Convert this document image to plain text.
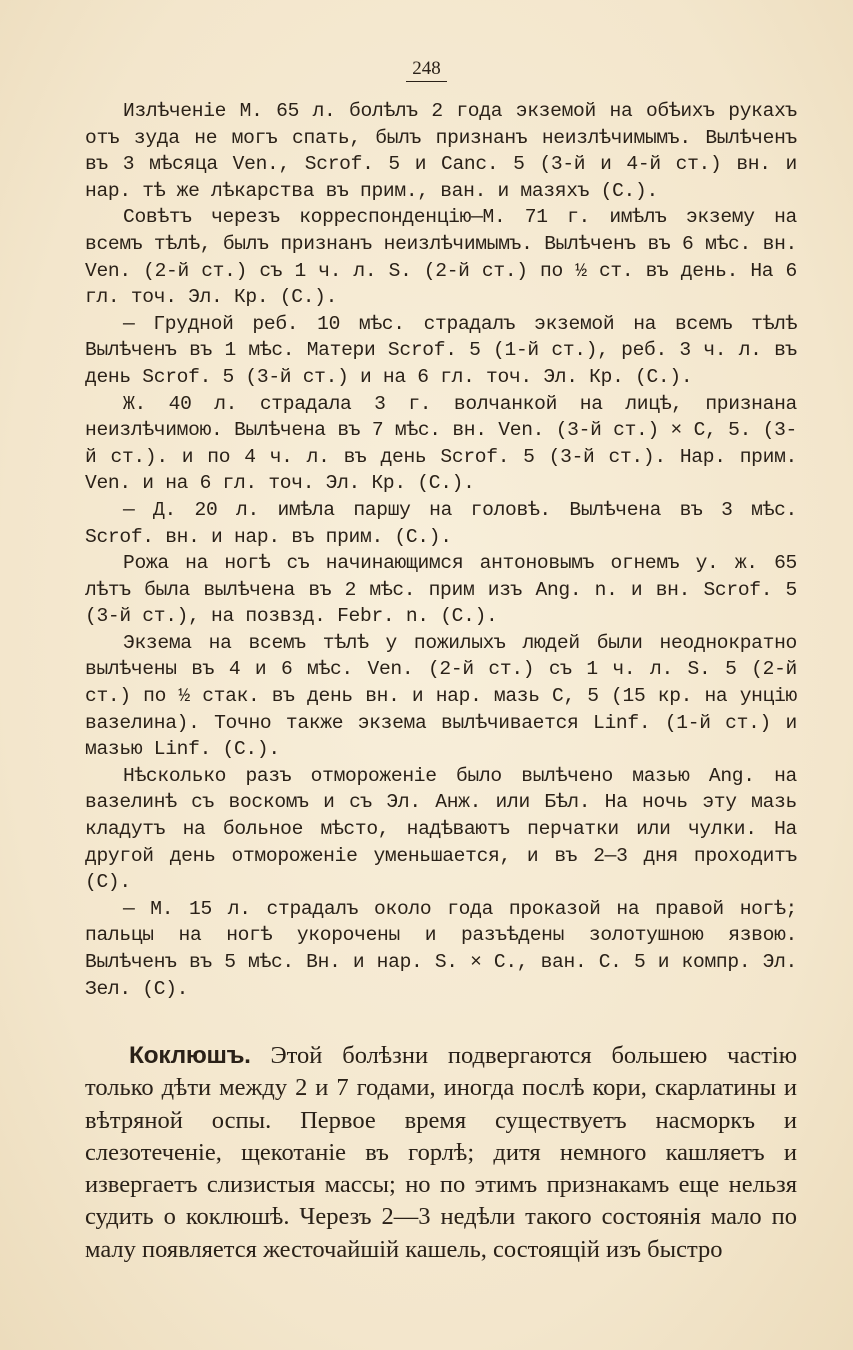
248

Излѣченіе М. 65 л. болѣлъ 2 года экземой на обѣихъ рукахъ отъ зуда не могъ спать, былъ признанъ неизлѣчимымъ. Вылѣченъ въ 3 мѣсяца Ven., Scrof. 5 и Canc. 5 (3-й и 4-й ст.) вн. и нар. тѣ же лѣкарства въ прим., ван. и мазяхъ (С.).

Совѣтъ черезъ корреспонденцію—М. 71 г. имѣлъ экзему на всемъ тѣлѣ, былъ признанъ неизлѣчимымъ. Вылѣченъ въ 6 мѣс. вн. Ven. (2-й ст.) съ 1 ч. л. S. (2-й ст.) по ½ ст. въ день. На 6 гл. точ. Эл. Кр. (С.).

— Грудной реб. 10 мѣс. страдалъ экземой на всемъ тѣлѣ Вылѣченъ въ 1 мѣс. Матери Scrof. 5 (1-й ст.), реб. 3 ч. л. въ день Scrof. 5 (3-й ст.) и на 6 гл. точ. Эл. Кр. (С.).

Ж. 40 л. страдала 3 г. волчанкой на лицѣ, признана неизлѣчимою. Вылѣчена въ 7 мѣс. вн. Ven. (3-й ст.) × С, 5. (3-й ст.). и по 4 ч. л. въ день Scrof. 5 (3-й ст.). Нар. прим. Ven. и на 6 гл. точ. Эл. Кр. (С.).

— Д. 20 л. имѣла паршу на головѣ. Вылѣчена въ 3 мѣс. Scrof. вн. и нар. въ прим. (С.).

Рожа на ногѣ съ начинающимся антоновымъ огнемъ у. ж. 65 лѣтъ была вылѣчена въ 2 мѣс. прим изъ Ang. n. и вн. Scrof. 5 (3-й ст.), на позвзд. Febr. n. (С.).

Экзема на всемъ тѣлѣ у пожилыхъ людей были неоднократно вылѣчены въ 4 и 6 мѣс. Ven. (2-й ст.) съ 1 ч. л. S. 5 (2-й ст.) по ½ стак. въ день вн. и нар. мазь С, 5 (15 кр. на унцію вазелина). Точно также экзема вылѣчивается Linf. (1-й ст.) и мазью Linf. (С.).

Нѣсколько разъ отмороженіе было вылѣчено мазью Ang. на вазелинѣ съ воскомъ и съ Эл. Анж. или Бѣл. На ночь эту мазь кладутъ на больное мѣсто, надѣваютъ перчатки или чулки. На другой день отмороженіе уменьшается, и въ 2—3 дня проходитъ (С).

— М. 15 л. страдалъ около года проказой на правой ногѣ; пальцы на ногѣ укорочены и разъѣдены золотушною язвою. Вылѣченъ въ 5 мѣс. Вн. и нар. S. × С., ван. С. 5 и компр. Эл. Зел. (С).

Коклюшъ. Этой болѣзни подвергаются большею частію только дѣти между 2 и 7 годами, иногда послѣ кори, скарлатины и вѣтряной оспы. Первое время существуетъ насморкъ и слезотеченіе, щекотаніе въ горлѣ; дитя немного кашляетъ и извергаетъ слизистыя массы; но по этимъ признакамъ еще нельзя судить о коклюшѣ. Черезъ 2—3 недѣли такого состоянія мало по малу появляется жесточайшій кашель, состоящій изъ быстро
